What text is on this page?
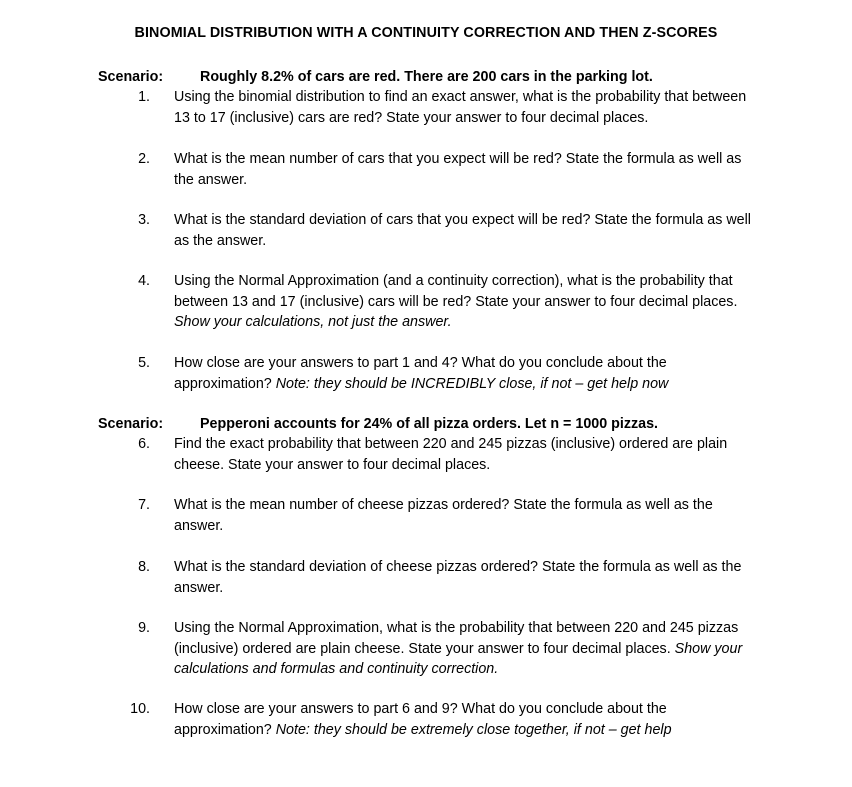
BINOMIAL DISTRIBUTION WITH A CONTINUITY CORRECTION AND THEN Z-SCORES
Scenario:	Roughly 8.2% of cars are red. There are 200 cars in the parking lot.
1. Using the binomial distribution to find an exact answer, what is the probability that between 13 to 17 (inclusive) cars are red? State your answer to four decimal places.
2. What is the mean number of cars that you expect will be red? State the formula as well as the answer.
3. What is the standard deviation of cars that you expect will be red? State the formula as well as the answer.
4. Using the Normal Approximation (and a continuity correction), what is the probability that between 13 and 17 (inclusive) cars will be red? State your answer to four decimal places. Show your calculations, not just the answer.
5. How close are your answers to part 1 and 4? What do you conclude about the approximation? Note: they should be INCREDIBLY close, if not – get help now
Scenario:	Pepperoni accounts for 24% of all pizza orders. Let n = 1000 pizzas.
6. Find the exact probability that between 220 and 245 pizzas (inclusive) ordered are plain cheese. State your answer to four decimal places.
7. What is the mean number of cheese pizzas ordered? State the formula as well as the answer.
8. What is the standard deviation of cheese pizzas ordered? State the formula as well as the answer.
9. Using the Normal Approximation, what is the probability that between 220 and 245 pizzas (inclusive) ordered are plain cheese. State your answer to four decimal places. Show your calculations and formulas and continuity correction.
10. How close are your answers to part 6 and 9? What do you conclude about the approximation? Note: they should be extremely close together, if not – get help
